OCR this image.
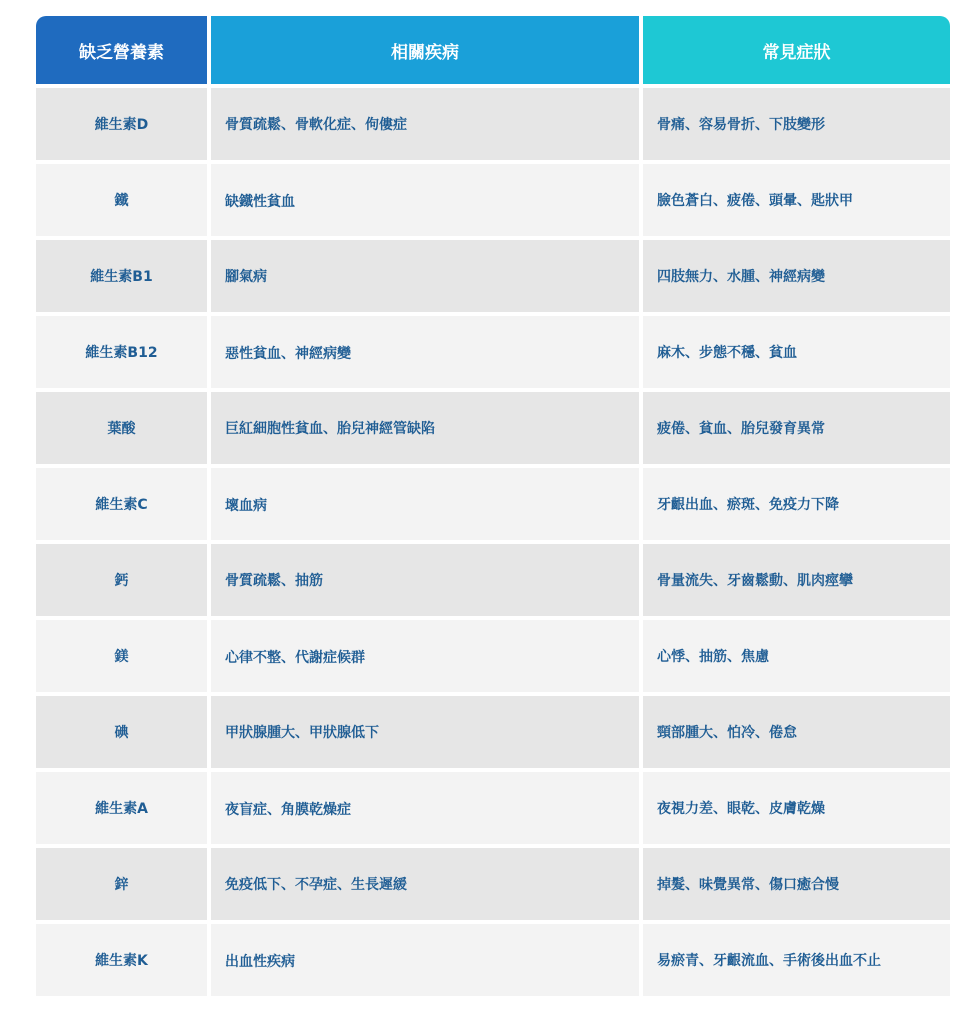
缺乏營養素	相關疾病	常見症狀
維生素D	骨質疏鬆、骨軟化症、佝僂症	骨痛、容易骨折、下肢變形
鐵	缺鐵性貧血	臉色蒼白、疲倦、頭暈、匙狀甲
維生素B1	腳氣病	四肢無力、水腫、神經病變
維生素B12	惡性貧血、神經病變	麻木、步態不穩、貧血
葉酸	巨紅細胞性貧血、胎兒神經管缺陷	疲倦、貧血、胎兒發育異常
維生素C	壞血病	牙齦出血、瘀斑、免疫力下降
鈣	骨質疏鬆、抽筋	骨量流失、牙齒鬆動、肌肉痙攣
鎂	心律不整、代謝症候群	心悸、抽筋、焦慮
碘	甲狀腺腫大、甲狀腺低下	頸部腫大、怕冷、倦怠
維生素A	夜盲症、角膜乾燥症	夜視力差、眼乾、皮膚乾燥
鋅	免疫低下、不孕症、生長遲緩	掉髮、味覺異常、傷口癒合慢
維生素K	出血性疾病	易瘀青、牙齦流血、手術後出血不止
